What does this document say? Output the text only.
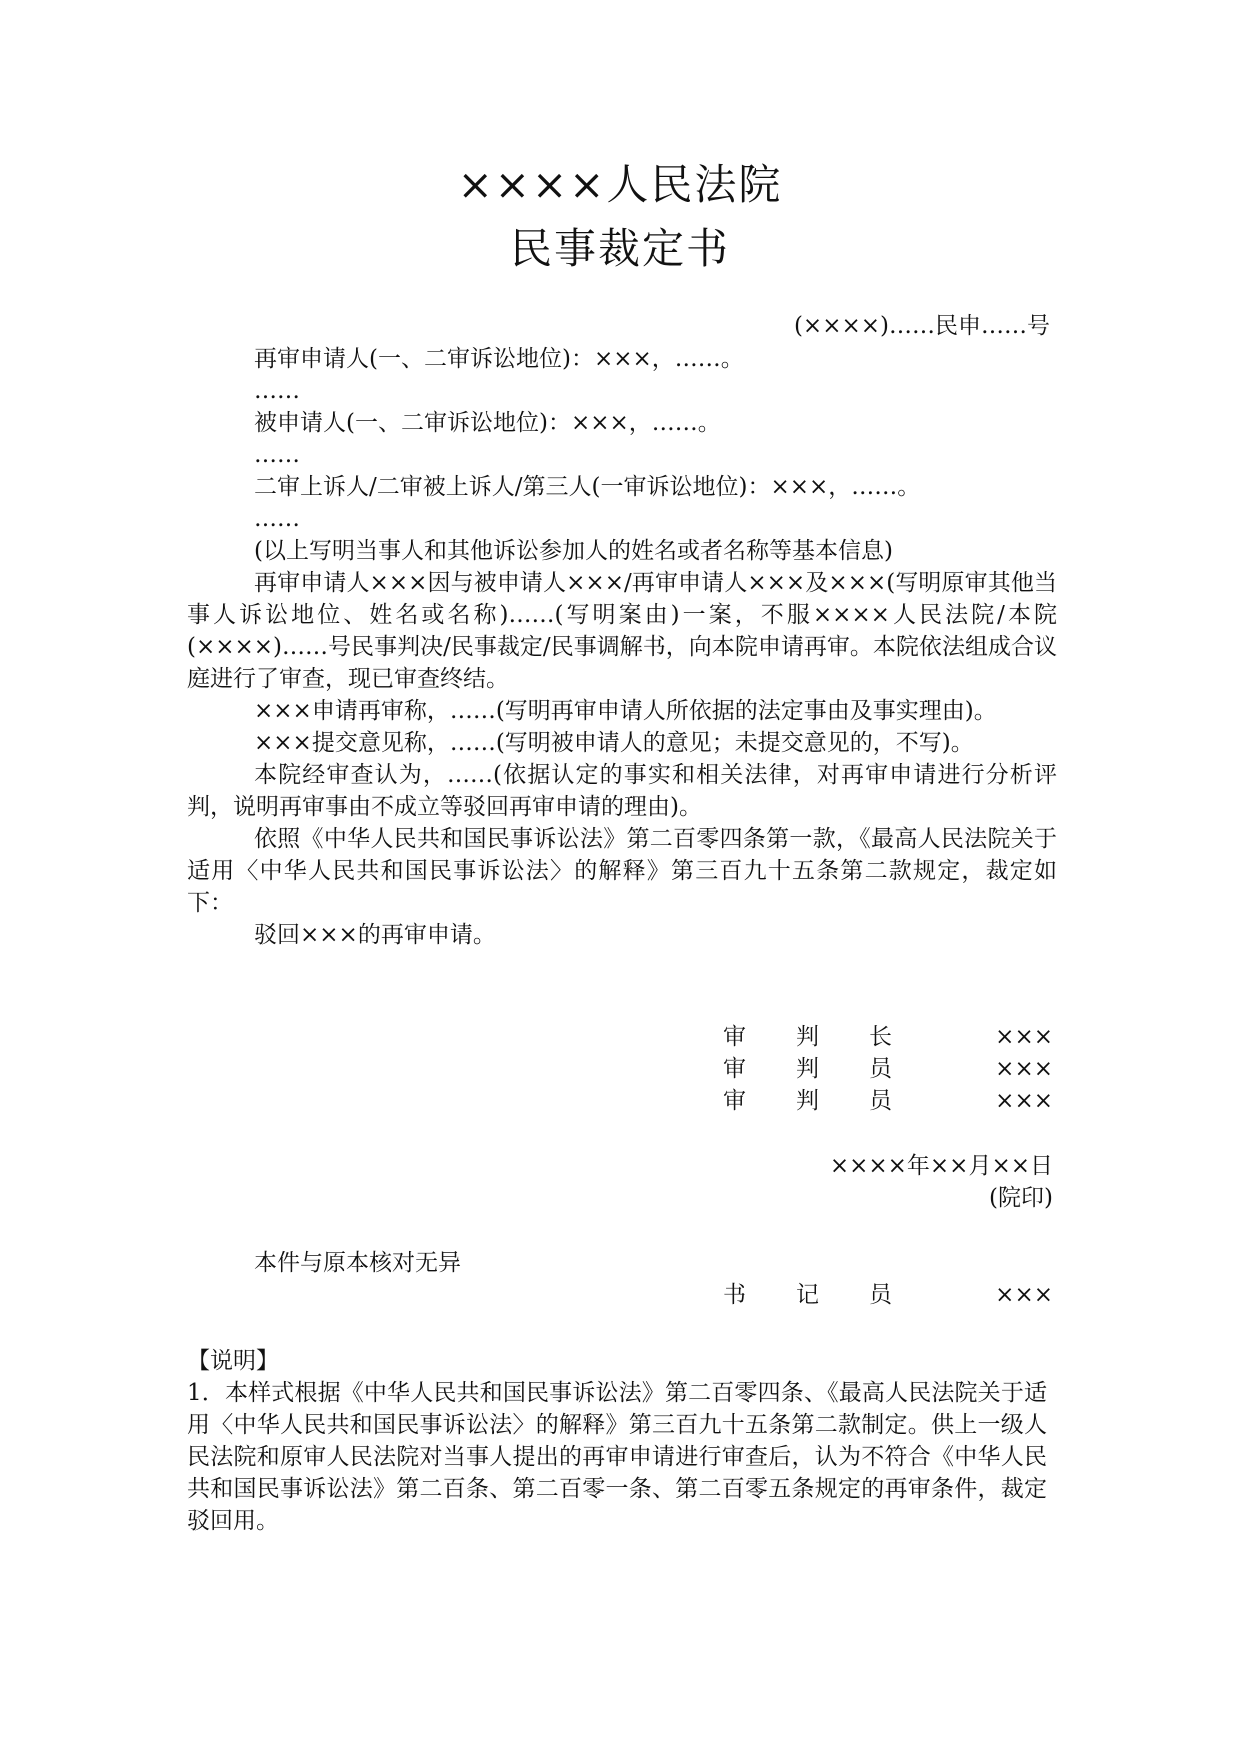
××××人民法院
民事裁定书
(××××)……民申……号
再审申请人(一、二审诉讼地位)：×××，……。
……
被申请人(一、二审诉讼地位)：×××，……。
……
二审上诉人/二审被上诉人/第三人(一审诉讼地位)：×××，……。
……
(以上写明当事人和其他诉讼参加人的姓名或者名称等基本信息)
再审申请人×××因与被申请人×××/再审申请人×××及×××(写明原审其他当事人诉讼地位、姓名或名称)……(写明案由)一案，不服××××人民法院/本院(××××)……号民事判决/民事裁定/民事调解书，向本院申请再审。本院依法组成合议庭进行了审查，现已审查终结。
×××申请再审称，……(写明再审申请人所依据的法定事由及事实理由)。
×××提交意见称，……(写明被申请人的意见；未提交意见的，不写)。
本院经审查认为，……(依据认定的事实和相关法律，对再审申请进行分析评判，说明再审事由不成立等驳回再审申请的理由)。
依照《中华人民共和国民事诉讼法》第二百零四条第一款，《最高人民法院关于适用〈中华人民共和国民事诉讼法〉的解释》第三百九十五条第二款规定，裁定如下：
驳回×××的再审申请。
审 判 长	×××
审 判 员	×××
审 判 员	×××
××××年××月××日
(院印)
本件与原本核对无异
书 记 员	×××
【说明】
1．本样式根据《中华人民共和国民事诉讼法》第二百零四条、《最高人民法院关于适用〈中华人民共和国民事诉讼法〉的解释》第三百九十五条第二款制定。供上一级人民法院和原审人民法院对当事人提出的再审申请进行审查后，认为不符合《中华人民共和国民事诉讼法》第二百条、第二百零一条、第二百零五条规定的再审条件，裁定驳回用。
